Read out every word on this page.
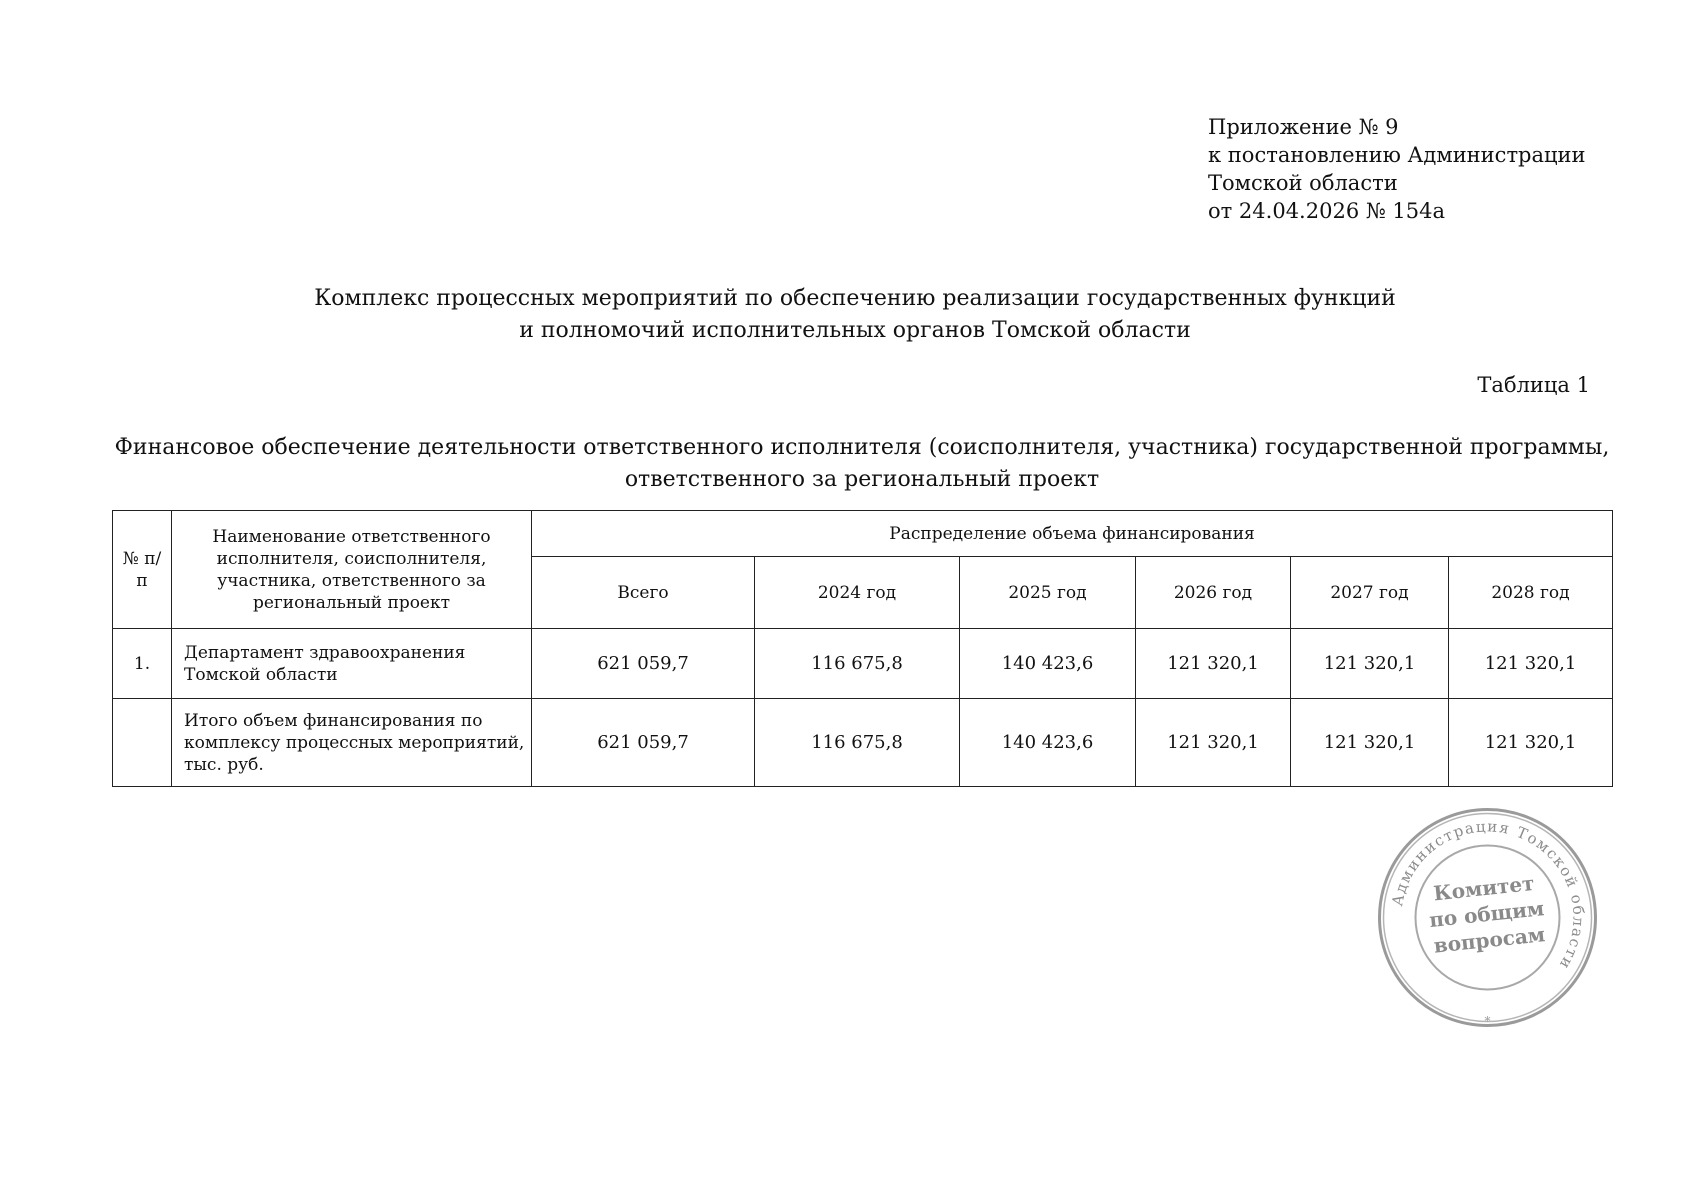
Приложение № 9
к постановлению Администрации
Томской области
от 24.04.2026 № 154а
Комплекс процессных мероприятий по обеспечению реализации государственных функций
и полномочий исполнительных органов Томской области
Таблица 1
Финансовое обеспечение деятельности ответственного исполнителя (соисполнителя, участника) государственной программы,
ответственного за региональный проект
№ п/п	Наименование ответственного исполнителя, соисполнителя, участника, ответственного за региональный проект	Распределение объема финансирования					
		Всего	2024 год	2025 год	2026 год	2027 год	2028 год
1.	Департамент здравоохранения Томской области	621 059,7	116 675,8	140 423,6	121 320,1	121 320,1	121 320,1
	Итого объем финансирования по комплексу процессных мероприятий, тыс. руб.	621 059,7	116 675,8	140 423,6	121 320,1	121 320,1	121 320,1
Администрация Томской области
*
Комитет
по общим
вопросам
